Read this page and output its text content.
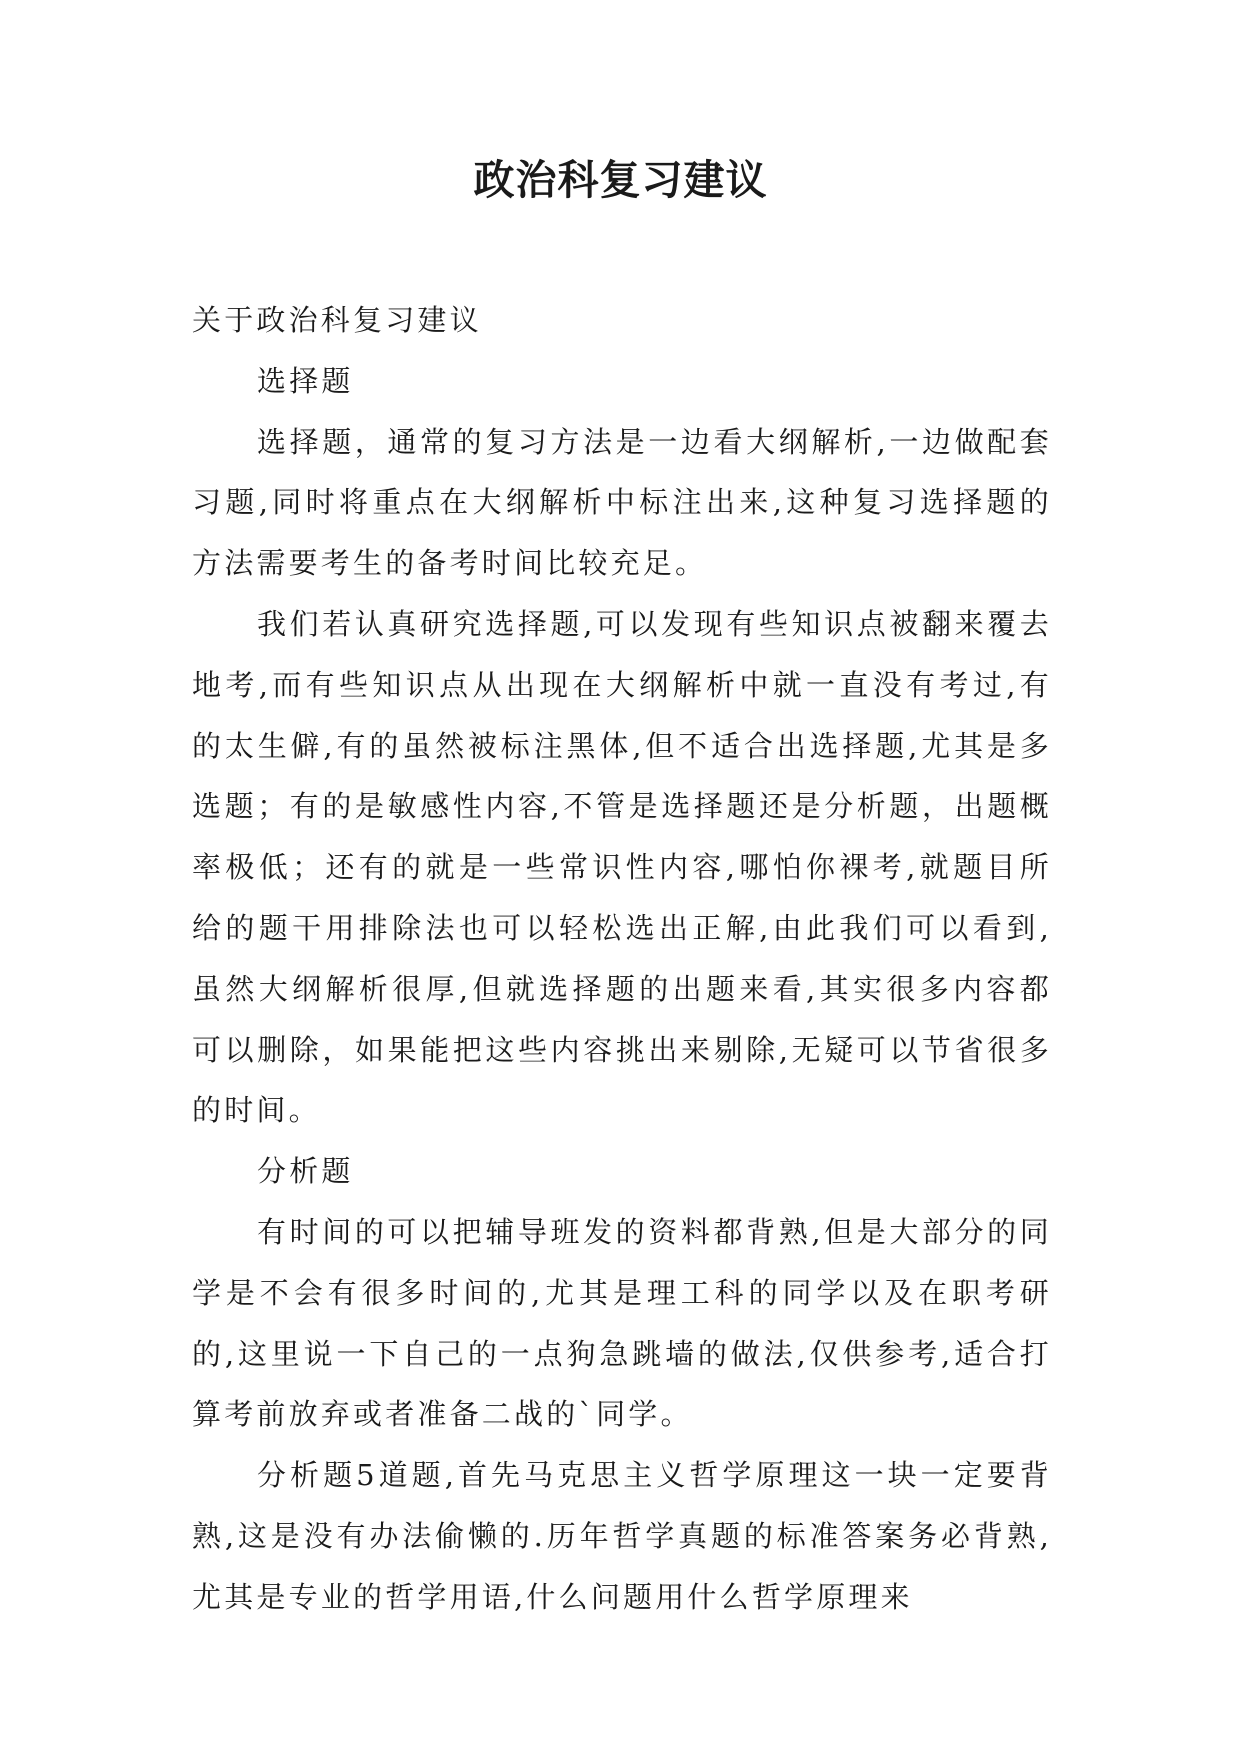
政治科复习建议

关于政治科复习建议

选择题

选择题，通常的复习方法是一边看大纲解析,一边做配套习题,同时将重点在大纲解析中标注出来,这种复习选择题的方法需要考生的备考时间比较充足。

我们若认真研究选择题,可以发现有些知识点被翻来覆去地考,而有些知识点从出现在大纲解析中就一直没有考过,有的太生僻,有的虽然被标注黑体,但不适合出选择题,尤其是多选题；有的是敏感性内容,不管是选择题还是分析题，出题概率极低；还有的就是一些常识性内容,哪怕你裸考,就题目所给的题干用排除法也可以轻松选出正解,由此我们可以看到,虽然大纲解析很厚,但就选择题的出题来看,其实很多内容都可以删除，如果能把这些内容挑出来剔除,无疑可以节省很多的时间。

分析题

有时间的可以把辅导班发的资料都背熟,但是大部分的同学是不会有很多时间的,尤其是理工科的同学以及在职考研的,这里说一下自己的一点狗急跳墙的做法,仅供参考,适合打算考前放弃或者准备二战的`同学。

分析题5道题,首先马克思主义哲学原理这一块一定要背熟,这是没有办法偷懒的.历年哲学真题的标准答案务必背熟,尤其是专业的哲学用语,什么问题用什么哲学原理来
